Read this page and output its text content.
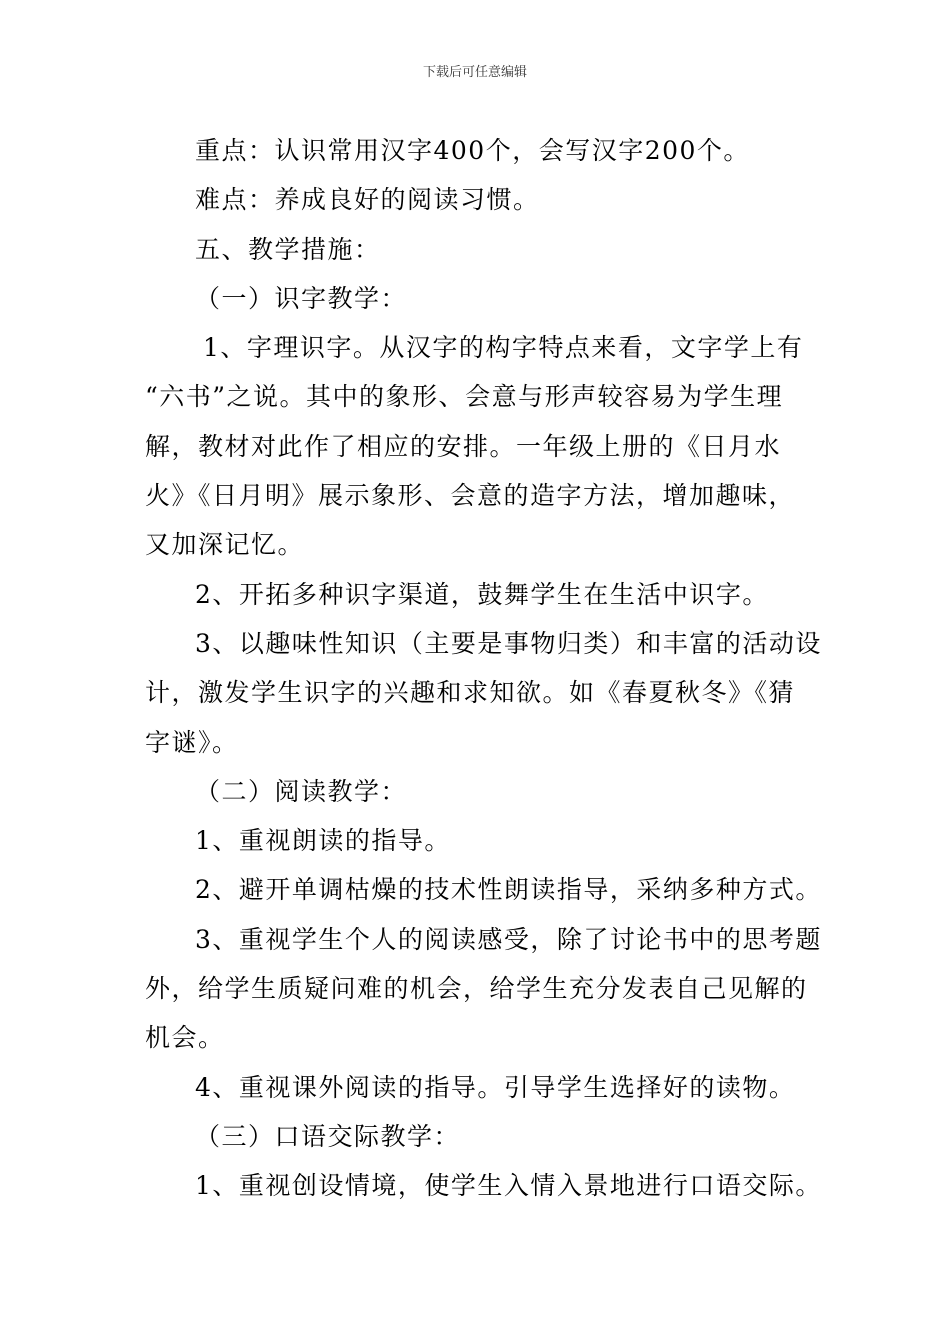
下载后可任意编辑
重点：认识常用汉字400个，会写汉字200个。
难点：养成良好的阅读习惯。
五、教学措施：
（一）识字教学：
1、字理识字。从汉字的构字特点来看，文字学上有
“六书”之说。其中的象形、会意与形声较容易为学生理
解，教材对此作了相应的安排。一年级上册的《日月水
火》《日月明》展示象形、会意的造字方法，增加趣味，
又加深记忆。
2、开拓多种识字渠道，鼓舞学生在生活中识字。
3、以趣味性知识（主要是事物归类）和丰富的活动设
计，激发学生识字的兴趣和求知欲。如《春夏秋冬》《猜
字谜》。
（二）阅读教学：
1、重视朗读的指导。
2、避开单调枯燥的技术性朗读指导，采纳多种方式。
3、重视学生个人的阅读感受，除了讨论书中的思考题
外，给学生质疑问难的机会，给学生充分发表自己见解的
机会。
4、重视课外阅读的指导。引导学生选择好的读物。
（三）口语交际教学：
1、重视创设情境，使学生入情入景地进行口语交际。
